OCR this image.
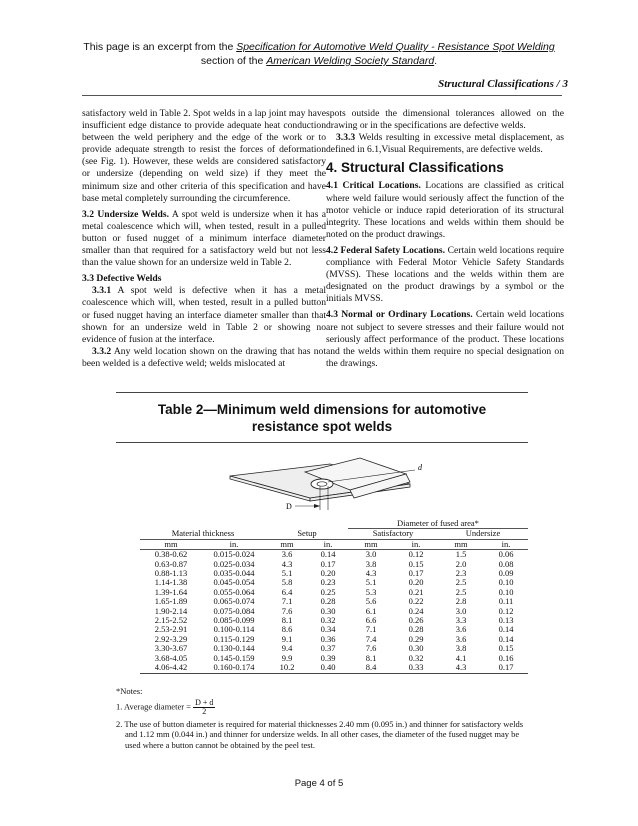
This page is an excerpt from the Specification for Automotive Weld Quality - Resistance Spot Welding
section of the American Welding Society Standard.
Structural Classifications / 3

satisfactory weld in Table 2. Spot welds in a lap joint may have insufficient edge distance to provide adequate heat conduction between the weld periphery and the edge of the work or to provide adequate strength to resist the forces of deformation (see Fig. 1). However, these welds are considered satisfactory or undersize (depending on weld size) if they meet the minimum size and other criteria of this specification and have base metal completely surrounding the circumference.

3.2 Undersize Welds. A spot weld is undersize when it has a metal coalescence which will, when tested, result in a pulled button or fused nugget of a minimum interface diameter smaller than that required for a satisfactory weld but not less than the value shown for an undersize weld in Table 2.

3.3 Defective Welds

3.3.1 A spot weld is defective when it has a metal coalescence which will, when tested, result in a pulled button or fused nugget having an interface diameter smaller than that shown for an undersize weld in Table 2 or showing no evidence of fusion at the interface.

3.3.2 Any weld location shown on the drawing that has not been welded is a defective weld; welds mislocated at

spots outside the dimensional tolerances allowed on the drawing or in the specifications are defective welds.

3.3.3 Welds resulting in excessive metal displacement, as defined in 6.1,Visual Requirements, are defective welds.

4. Structural Classifications

4.1 Critical Locations. Locations are classified as critical where weld failure would seriously affect the function of the motor vehicle or induce rapid deterioration of its structural integrity. These locations and welds within them should be noted on the product drawings.

4.2 Federal Safety Locations. Certain weld locations require compliance with Federal Motor Vehicle Safety Standards (MVSS). These locations and the welds within them are designated on the product drawings by a symbol or the initials MVSS.

4.3 Normal or Ordinary Locations. Certain weld locations are not subject to severe stresses and their failure would not seriously affect performance of the product. These locations and the welds within them require no special designation on the drawings.

Table 2—Minimum weld dimensions for automotive
resistance spot welds
D
d
				Diameter of fused area*			
Material thickness		Setup		Satisfactory		Undersize	
mm	in.	mm	in.	mm	in.	mm	in.
0.38-0.62	0.015-0.024	3.6	0.14	3.0	0.12	1.5	0.06
0.63-0.87	0.025-0.034	4.3	0.17	3.8	0.15	2.0	0.08
0.88-1.13	0.035-0.044	5.1	0.20	4.3	0.17	2.3	0.09
1.14-1.38	0.045-0.054	5.8	0.23	5.1	0.20	2.5	0.10
1.39-1.64	0.055-0.064	6.4	0.25	5.3	0.21	2.5	0.10
1.65-1.89	0.065-0.074	7.1	0.28	5.6	0.22	2.8	0.11
1.90-2.14	0.075-0.084	7.6	0.30	6.1	0.24	3.0	0.12
2.15-2.52	0.085-0.099	8.1	0.32	6.6	0.26	3.3	0.13
2.53-2.91	0.100-0.114	8.6	0.34	7.1	0.28	3.6	0.14
2.92-3.29	0.115-0.129	9.1	0.36	7.4	0.29	3.6	0.14
3.30-3.67	0.130-0.144	9.4	0.37	7.6	0.30	3.8	0.15
3.68-4.05	0.145-0.159	9.9	0.39	8.1	0.32	4.1	0.16
4.06-4.42	0.160-0.174	10.2	0.40	8.4	0.33	4.3	0.17
*Notes:
1. Average diameter = $\frac{D + d}{2}$
2. The use of button diameter is required for material thicknesses 2.40 mm (0.095 in.) and thinner for satisfactory welds and 1.12 mm (0.044 in.) and thinner for undersize welds. In all other cases, the diameter of the fused nugget may be used where a button cannot be obtained by the peel test.
Page 4 of 5
